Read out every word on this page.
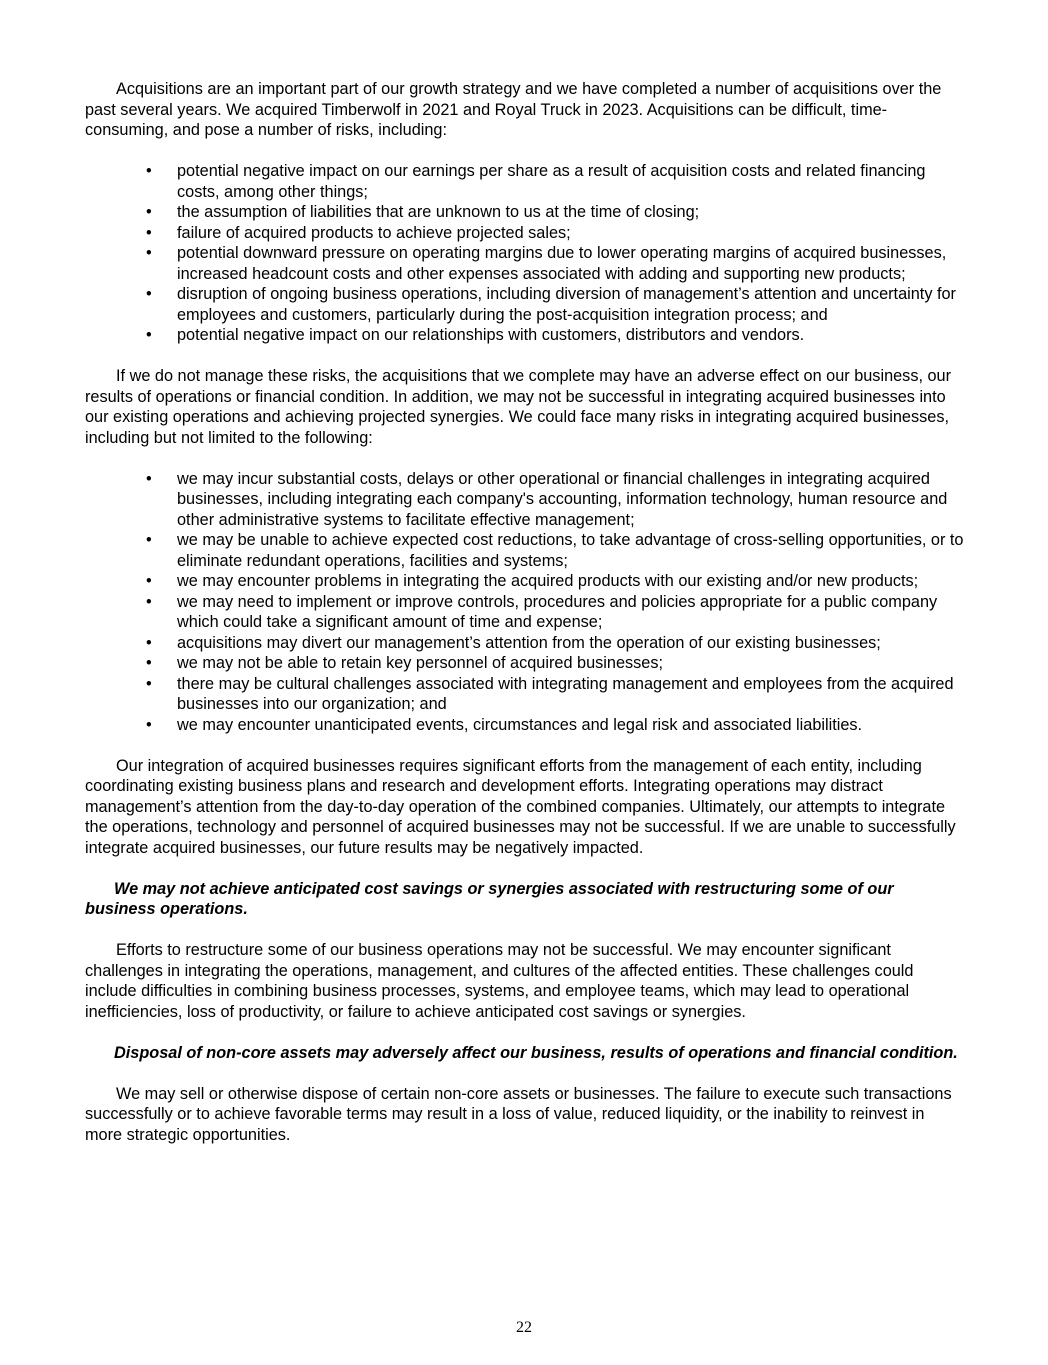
Acquisitions are an important part of our growth strategy and we have completed a number of acquisitions over the past several years. We acquired Timberwolf in 2021 and Royal Truck in 2023. Acquisitions can be difficult, time-consuming, and pose a number of risks, including:

• potential negative impact on our earnings per share as a result of acquisition costs and related financing costs, among other things;
• the assumption of liabilities that are unknown to us at the time of closing;
• failure of acquired products to achieve projected sales;
• potential downward pressure on operating margins due to lower operating margins of acquired businesses, increased headcount costs and other expenses associated with adding and supporting new products;
• disruption of ongoing business operations, including diversion of management’s attention and uncertainty for employees and customers, particularly during the post-acquisition integration process; and
• potential negative impact on our relationships with customers, distributors and vendors.

If we do not manage these risks, the acquisitions that we complete may have an adverse effect on our business, our results of operations or financial condition. In addition, we may not be successful in integrating acquired businesses into our existing operations and achieving projected synergies. We could face many risks in integrating acquired businesses, including but not limited to the following:

• we may incur substantial costs, delays or other operational or financial challenges in integrating acquired businesses, including integrating each company's accounting, information technology, human resource and other administrative systems to facilitate effective management;
• we may be unable to achieve expected cost reductions, to take advantage of cross-selling opportunities, or to eliminate redundant operations, facilities and systems;
• we may encounter problems in integrating the acquired products with our existing and/or new products;
• we may need to implement or improve controls, procedures and policies appropriate for a public company which could take a significant amount of time and expense;
• acquisitions may divert our management’s attention from the operation of our existing businesses;
• we may not be able to retain key personnel of acquired businesses;
• there may be cultural challenges associated with integrating management and employees from the acquired businesses into our organization; and
• we may encounter unanticipated events, circumstances and legal risk and associated liabilities.

Our integration of acquired businesses requires significant efforts from the management of each entity, including coordinating existing business plans and research and development efforts. Integrating operations may distract management’s attention from the day-to-day operation of the combined companies. Ultimately, our attempts to integrate the operations, technology and personnel of acquired businesses may not be successful. If we are unable to successfully integrate acquired businesses, our future results may be negatively impacted.

We may not achieve anticipated cost savings or synergies associated with restructuring some of our business operations.

Efforts to restructure some of our business operations may not be successful. We may encounter significant challenges in integrating the operations, management, and cultures of the affected entities. These challenges could include difficulties in combining business processes, systems, and employee teams, which may lead to operational inefficiencies, loss of productivity, or failure to achieve anticipated cost savings or synergies.

Disposal of non-core assets may adversely affect our business, results of operations and financial condition.

We may sell or otherwise dispose of certain non-core assets or businesses. The failure to execute such transactions successfully or to achieve favorable terms may result in a loss of value, reduced liquidity, or the inability to reinvest in more strategic opportunities.

22
